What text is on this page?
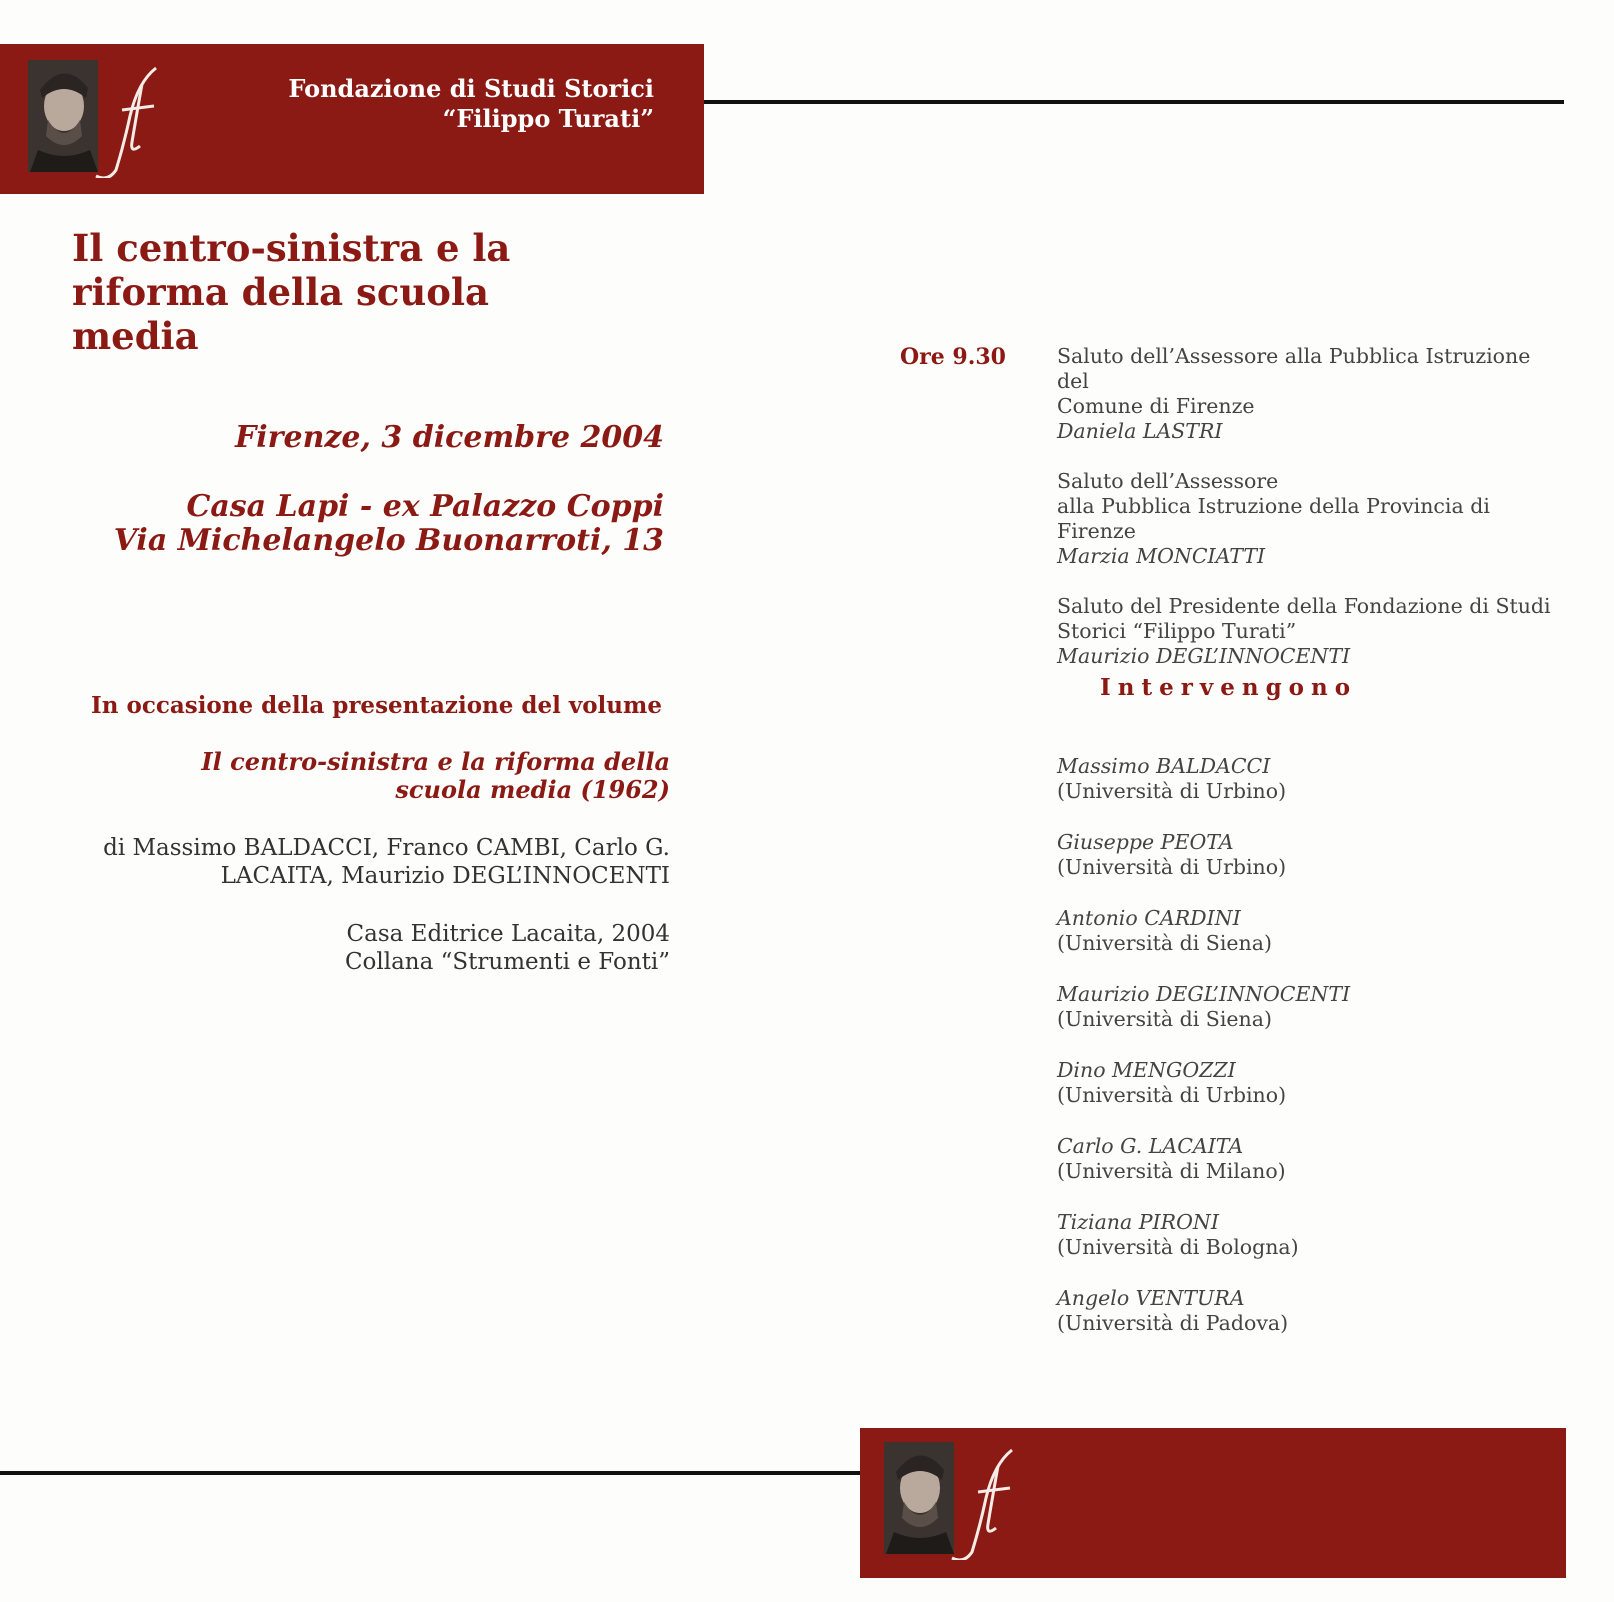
Fondazione di Studi Storici
“Filippo Turati”
Il centro-sinistra e la
riforma della scuola
media
Firenze, 3 dicembre 2004
Casa Lapi - ex Palazzo Coppi
Via Michelangelo Buonarroti, 13
In occasione della presentazione del volume
Il centro-sinistra e la riforma della
scuola media (1962)
di Massimo BALDACCI, Franco CAMBI, Carlo G.
LACAITA, Maurizio DEGL’INNOCENTI
Casa Editrice Lacaita, 2004
Collana “Strumenti e Fonti”
Ore 9.30 Saluto dell’Assessore alla Pubblica Istruzione del
Comune di Firenze
Daniela LASTRI
Saluto dell’Assessore
alla Pubblica Istruzione della Provincia di Firenze
Marzia MONCIATTI
Saluto del Presidente della Fondazione di Studi
Storici “Filippo Turati”
Maurizio DEGL’INNOCENTI
Intervengono
Massimo BALDACCI
(Università di Urbino)
Giuseppe PEOTA
(Università di Urbino)
Antonio CARDINI
(Università di Siena)
Maurizio DEGL’INNOCENTI
(Università di Siena)
Dino MENGOZZI
(Università di Urbino)
Carlo G. LACAITA
(Università di Milano)
Tiziana PIRONI
(Università di Bologna)
Angelo VENTURA
(Università di Padova)
